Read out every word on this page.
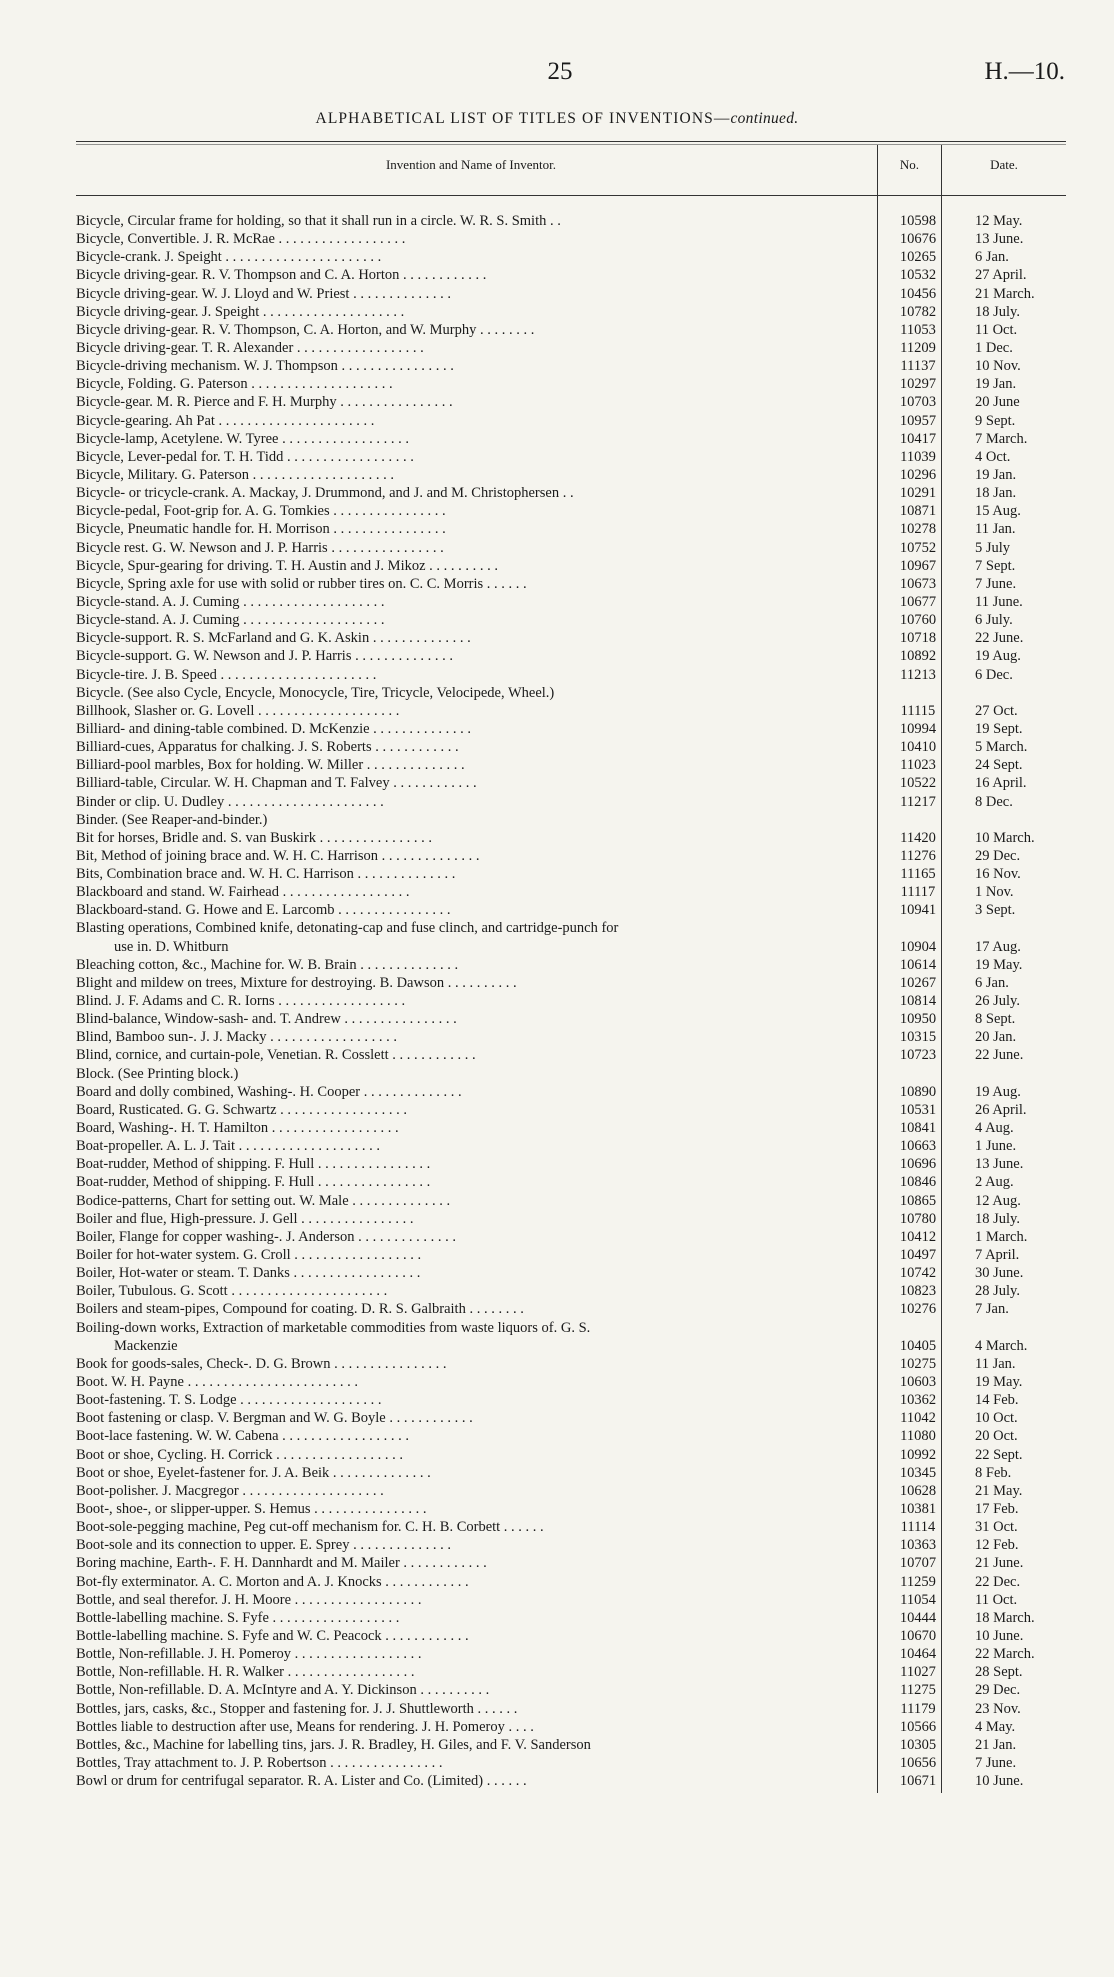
25	H.—10.
ALPHABETICAL LIST OF TITLES OF INVENTIONS—continued.
Invention and Name of Inventor.	No.	Date.
Bicycle, Circular frame for holding, so that it shall run in a circle. W. R. S. Smith . .	10598	12 May.
Bicycle, Convertible. J. R. McRae . . . . . . . . . . . . . . . . . .	10676	13 June.
Bicycle-crank. J. Speight . . . . . . . . . . . . . . . . . . . . . .	10265	6 Jan.
Bicycle driving-gear. R. V. Thompson and C. A. Horton . . . . . . . . . . . .	10532	27 April.
Bicycle driving-gear. W. J. Lloyd and W. Priest . . . . . . . . . . . . . .	10456	21 March.
Bicycle driving-gear. J. Speight . . . . . . . . . . . . . . . . . . . .	10782	18 July.
Bicycle driving-gear. R. V. Thompson, C. A. Horton, and W. Murphy . . . . . . . .	11053	11 Oct.
Bicycle driving-gear. T. R. Alexander . . . . . . . . . . . . . . . . . .	11209	1 Dec.
Bicycle-driving mechanism. W. J. Thompson . . . . . . . . . . . . . . . .	11137	10 Nov.
Bicycle, Folding. G. Paterson . . . . . . . . . . . . . . . . . . . .	10297	19 Jan.
Bicycle-gear. M. R. Pierce and F. H. Murphy . . . . . . . . . . . . . . . .	10703	20 June
Bicycle-gearing. Ah Pat . . . . . . . . . . . . . . . . . . . . . .	10957	9 Sept.
Bicycle-lamp, Acetylene. W. Tyree . . . . . . . . . . . . . . . . . .	10417	7 March.
Bicycle, Lever-pedal for. T. H. Tidd . . . . . . . . . . . . . . . . . .	11039	4 Oct.
Bicycle, Military. G. Paterson . . . . . . . . . . . . . . . . . . . .	10296	19 Jan.
Bicycle- or tricycle-crank. A. Mackay, J. Drummond, and J. and M. Christophersen . .	10291	18 Jan.
Bicycle-pedal, Foot-grip for. A. G. Tomkies . . . . . . . . . . . . . . . .	10871	15 Aug.
Bicycle, Pneumatic handle for. H. Morrison . . . . . . . . . . . . . . . .	10278	11 Jan.
Bicycle rest. G. W. Newson and J. P. Harris . . . . . . . . . . . . . . . .	10752	5 July
Bicycle, Spur-gearing for driving. T. H. Austin and J. Mikoz . . . . . . . . . .	10967	7 Sept.
Bicycle, Spring axle for use with solid or rubber tires on. C. C. Morris . . . . . .	10673	7 June.
Bicycle-stand. A. J. Cuming . . . . . . . . . . . . . . . . . . . .	10677	11 June.
Bicycle-stand. A. J. Cuming . . . . . . . . . . . . . . . . . . . .	10760	6 July.
Bicycle-support. R. S. McFarland and G. K. Askin . . . . . . . . . . . . . .	10718	22 June.
Bicycle-support. G. W. Newson and J. P. Harris . . . . . . . . . . . . . .	10892	19 Aug.
Bicycle-tire. J. B. Speed . . . . . . . . . . . . . . . . . . . . . .	11213	6 Dec.
Bicycle. (See also Cycle, Encycle, Monocycle, Tire, Tricycle, Velocipede, Wheel.)
Billhook, Slasher or. G. Lovell . . . . . . . . . . . . . . . . . . . .	11115	27 Oct.
Billiard- and dining-table combined. D. McKenzie . . . . . . . . . . . . . .	10994	19 Sept.
Billiard-cues, Apparatus for chalking. J. S. Roberts . . . . . . . . . . . .	10410	5 March.
Billiard-pool marbles, Box for holding. W. Miller . . . . . . . . . . . . . .	11023	24 Sept.
Billiard-table, Circular. W. H. Chapman and T. Falvey . . . . . . . . . . . .	10522	16 April.
Binder or clip. U. Dudley . . . . . . . . . . . . . . . . . . . . . .	11217	8 Dec.
Binder. (See Reaper-and-binder.)
Bit for horses, Bridle and. S. van Buskirk . . . . . . . . . . . . . . . .	11420	10 March.
Bit, Method of joining brace and. W. H. C. Harrison . . . . . . . . . . . . . .	11276	29 Dec.
Bits, Combination brace and. W. H. C. Harrison . . . . . . . . . . . . . .	11165	16 Nov.
Blackboard and stand. W. Fairhead . . . . . . . . . . . . . . . . . .	11117	1 Nov.
Blackboard-stand. G. Howe and E. Larcomb . . . . . . . . . . . . . . . .	10941	3 Sept.
Blasting operations, Combined knife, detonating-cap and fuse clinch, and cartridge-punch for
use in. D. Whitburn	10904	17 Aug.
Bleaching cotton, &c., Machine for. W. B. Brain . . . . . . . . . . . . . .	10614	19 May.
Blight and mildew on trees, Mixture for destroying. B. Dawson . . . . . . . . . .	10267	6 Jan.
Blind. J. F. Adams and C. R. Iorns . . . . . . . . . . . . . . . . . .	10814	26 July.
Blind-balance, Window-sash- and. T. Andrew . . . . . . . . . . . . . . . .	10950	8 Sept.
Blind, Bamboo sun-. J. J. Macky . . . . . . . . . . . . . . . . . .	10315	20 Jan.
Blind, cornice, and curtain-pole, Venetian. R. Cosslett . . . . . . . . . . . .	10723	22 June.
Block. (See Printing block.)
Board and dolly combined, Washing-. H. Cooper . . . . . . . . . . . . . .	10890	19 Aug.
Board, Rusticated. G. G. Schwartz . . . . . . . . . . . . . . . . . .	10531	26 April.
Board, Washing-. H. T. Hamilton . . . . . . . . . . . . . . . . . .	10841	4 Aug.
Boat-propeller. A. L. J. Tait . . . . . . . . . . . . . . . . . . . .	10663	1 June.
Boat-rudder, Method of shipping. F. Hull . . . . . . . . . . . . . . . .	10696	13 June.
Boat-rudder, Method of shipping. F. Hull . . . . . . . . . . . . . . . .	10846	2 Aug.
Bodice-patterns, Chart for setting out. W. Male . . . . . . . . . . . . . .	10865	12 Aug.
Boiler and flue, High-pressure. J. Gell . . . . . . . . . . . . . . . .	10780	18 July.
Boiler, Flange for copper washing-. J. Anderson . . . . . . . . . . . . . .	10412	1 March.
Boiler for hot-water system. G. Croll . . . . . . . . . . . . . . . . . .	10497	7 April.
Boiler, Hot-water or steam. T. Danks . . . . . . . . . . . . . . . . . .	10742	30 June.
Boiler, Tubulous. G. Scott . . . . . . . . . . . . . . . . . . . . . .	10823	28 July.
Boilers and steam-pipes, Compound for coating. D. R. S. Galbraith . . . . . . . .	10276	7 Jan.
Boiling-down works, Extraction of marketable commodities from waste liquors of. G. S.
Mackenzie	10405	4 March.
Book for goods-sales, Check-. D. G. Brown . . . . . . . . . . . . . . . .	10275	11 Jan.
Boot. W. H. Payne . . . . . . . . . . . . . . . . . . . . . . . .	10603	19 May.
Boot-fastening. T. S. Lodge . . . . . . . . . . . . . . . . . . . .	10362	14 Feb.
Boot fastening or clasp. V. Bergman and W. G. Boyle . . . . . . . . . . . .	11042	10 Oct.
Boot-lace fastening. W. W. Cabena . . . . . . . . . . . . . . . . . .	11080	20 Oct.
Boot or shoe, Cycling. H. Corrick . . . . . . . . . . . . . . . . . .	10992	22 Sept.
Boot or shoe, Eyelet-fastener for. J. A. Beik . . . . . . . . . . . . . .	10345	8 Feb.
Boot-polisher. J. Macgregor . . . . . . . . . . . . . . . . . . . .	10628	21 May.
Boot-, shoe-, or slipper-upper. S. Hemus . . . . . . . . . . . . . . . .	10381	17 Feb.
Boot-sole-pegging machine, Peg cut-off mechanism for. C. H. B. Corbett . . . . . .	11114	31 Oct.
Boot-sole and its connection to upper. E. Sprey . . . . . . . . . . . . . .	10363	12 Feb.
Boring machine, Earth-. F. H. Dannhardt and M. Mailer . . . . . . . . . . . .	10707	21 June.
Bot-fly exterminator. A. C. Morton and A. J. Knocks . . . . . . . . . . . .	11259	22 Dec.
Bottle, and seal therefor. J. H. Moore . . . . . . . . . . . . . . . . . .	11054	11 Oct.
Bottle-labelling machine. S. Fyfe . . . . . . . . . . . . . . . . . .	10444	18 March.
Bottle-labelling machine. S. Fyfe and W. C. Peacock . . . . . . . . . . . .	10670	10 June.
Bottle, Non-refillable. J. H. Pomeroy . . . . . . . . . . . . . . . . . .	10464	22 March.
Bottle, Non-refillable. H. R. Walker . . . . . . . . . . . . . . . . . .	11027	28 Sept.
Bottle, Non-refillable. D. A. McIntyre and A. Y. Dickinson . . . . . . . . . .	11275	29 Dec.
Bottles, jars, casks, &c., Stopper and fastening for. J. J. Shuttleworth . . . . . .	11179	23 Nov.
Bottles liable to destruction after use, Means for rendering. J. H. Pomeroy . . . .	10566	4 May.
Bottles, &c., Machine for labelling tins, jars. J. R. Bradley, H. Giles, and F. V. Sanderson	10305	21 Jan.
Bottles, Tray attachment to. J. P. Robertson . . . . . . . . . . . . . . . .	10656	7 June.
Bowl or drum for centrifugal separator. R. A. Lister and Co. (Limited) . . . . . .	10671	10 June.
